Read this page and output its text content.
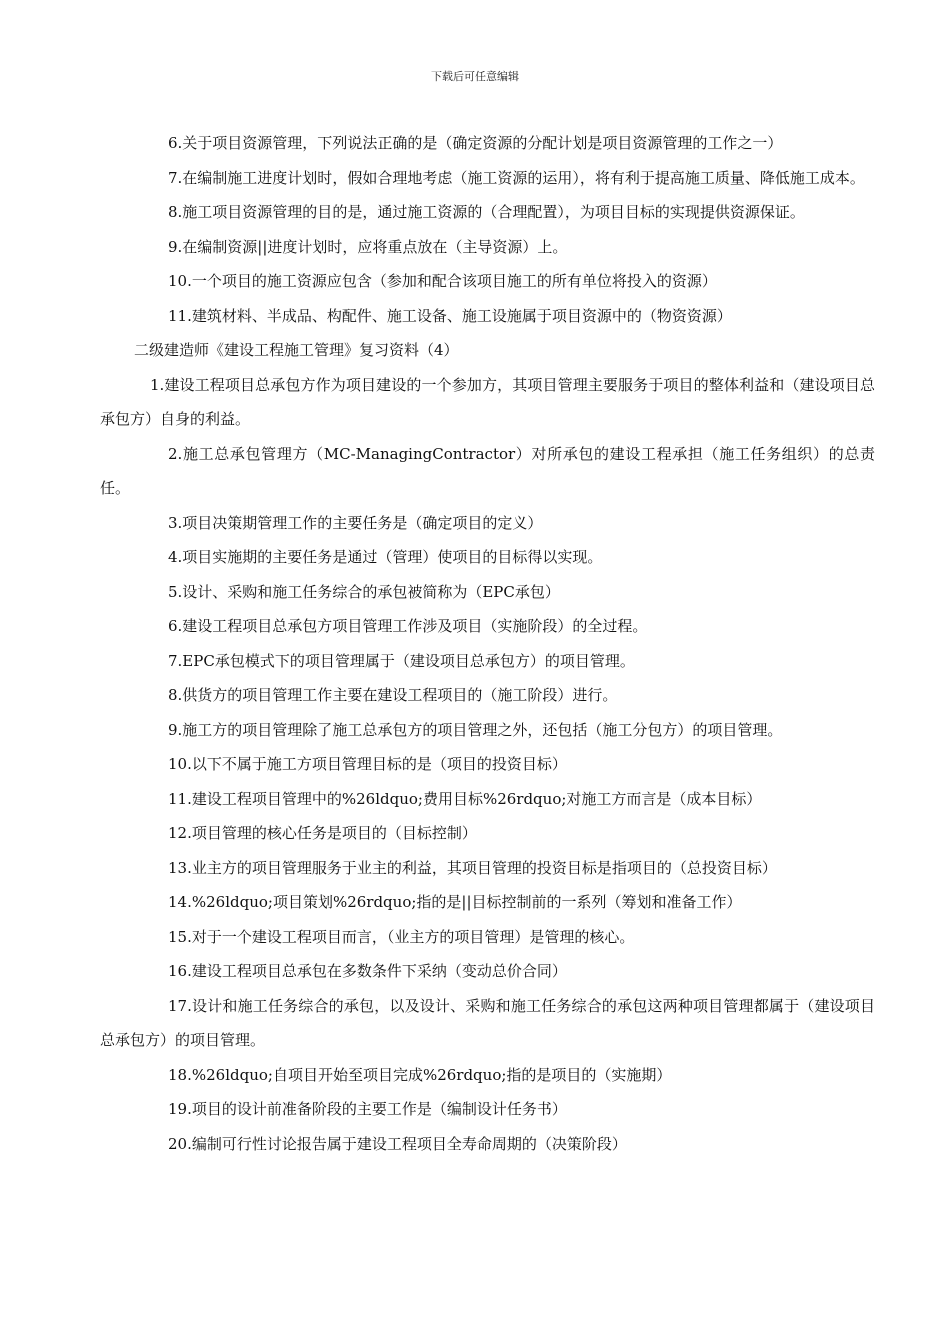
下载后可任意编辑

6.关于项目资源管理，下列说法正确的是（确定资源的分配计划是项目资源管理的工作之一）

7.在编制施工进度计划时，假如合理地考虑（施工资源的运用），将有利于提高施工质量、降低施工成本。

8.施工项目资源管理的目的是，通过施工资源的（合理配置），为项目目标的实现提供资源保证。

9.在编制资源||进度计划时，应将重点放在（主导资源）上。

10.一个项目的施工资源应包含（参加和配合该项目施工的所有单位将投入的资源）

11.建筑材料、半成品、构配件、施工设备、施工设施属于项目资源中的（物资资源）

二级建造师《建设工程施工管理》复习资料（4）

1.建设工程项目总承包方作为项目建设的一个参加方，其项目管理主要服务于项目的整体利益和（建设项目总承包方）自身的利益。

2.施工总承包管理方（MC-ManagingContractor）对所承包的建设工程承担（施工任务组织）的总责任。

3.项目决策期管理工作的主要任务是（确定项目的定义）

4.项目实施期的主要任务是通过（管理）使项目的目标得以实现。

5.设计、采购和施工任务综合的承包被简称为（EPC承包）

6.建设工程项目总承包方项目管理工作涉及项目（实施阶段）的全过程。

7.EPC承包模式下的项目管理属于（建设项目总承包方）的项目管理。

8.供货方的项目管理工作主要在建设工程项目的（施工阶段）进行。

9.施工方的项目管理除了施工总承包方的项目管理之外，还包括（施工分包方）的项目管理。

10.以下不属于施工方项目管理目标的是（项目的投资目标）

11.建设工程项目管理中的%26ldquo;费用目标%26rdquo;对施工方而言是（成本目标）

12.项目管理的核心任务是项目的（目标控制）

13.业主方的项目管理服务于业主的利益，其项目管理的投资目标是指项目的（总投资目标）

14.%26ldquo;项目策划%26rdquo;指的是||目标控制前的一系列（筹划和准备工作）

15.对于一个建设工程项目而言，（业主方的项目管理）是管理的核心。

16.建设工程项目总承包在多数条件下采纳（变动总价合同）

17.设计和施工任务综合的承包，以及设计、采购和施工任务综合的承包这两种项目管理都属于（建设项目总承包方）的项目管理。

18.%26ldquo;自项目开始至项目完成%26rdquo;指的是项目的（实施期）

19.项目的设计前准备阶段的主要工作是（编制设计任务书）

20.编制可行性讨论报告属于建设工程项目全寿命周期的（决策阶段）
